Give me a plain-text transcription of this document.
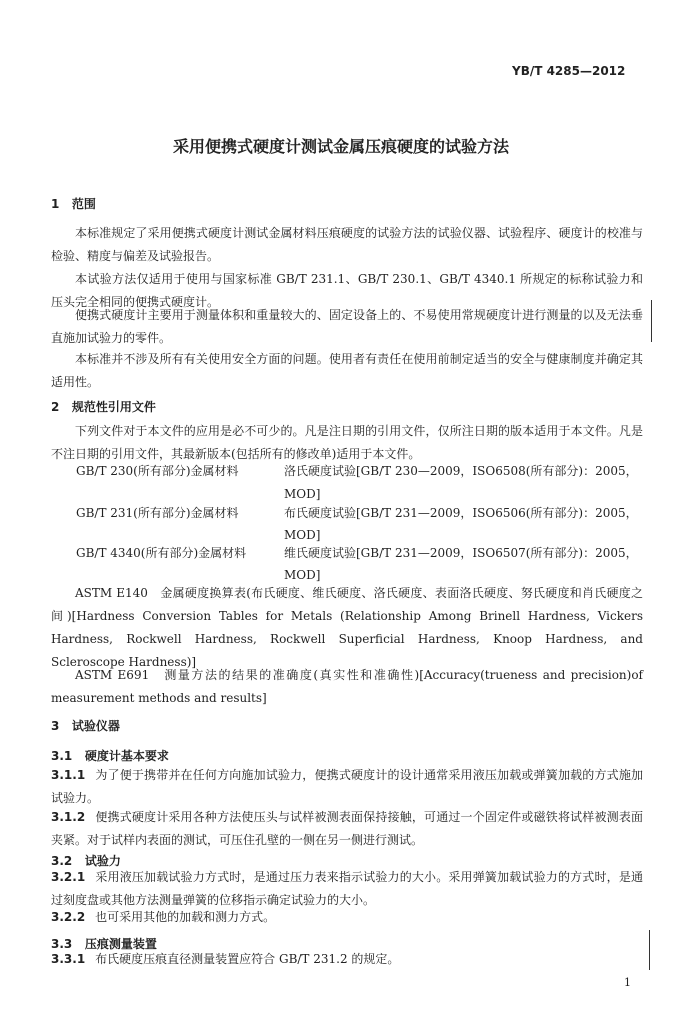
YB/T 4285—2012
采用便携式硬度计测试金属压痕硬度的试验方法
1 范围

本标准规定了采用便携式硬度计测试金属材料压痕硬度的试验方法的试验仪器、试验程序、硬度计的校准与检验、精度与偏差及试验报告。

本试验方法仅适用于使用与国家标准 GB/T 231.1、GB/T 230.1、GB/T 4340.1 所规定的标称试验力和压头完全相同的便携式硬度计。

便携式硬度计主要用于测量体积和重量较大的、固定设备上的、不易使用常规硬度计进行测量的以及无法垂直施加试验力的零件。

本标准并不涉及所有有关使用安全方面的问题。使用者有责任在使用前制定适当的安全与健康制度并确定其适用性。

2 规范性引用文件

下列文件对于本文件的应用是必不可少的。凡是注日期的引用文件，仅所注日期的版本适用于本文件。凡是不注日期的引用文件，其最新版本(包括所有的修改单)适用于本文件。

GB/T 230(所有部分)金属材料	洛氏硬度试验[GB/T 230—2009，ISO6508(所有部分)：2005，
MOD]
GB/T 231(所有部分)金属材料	布氏硬度试验[GB/T 231—2009，ISO6506(所有部分)：2005，
MOD]
GB/T 4340(所有部分)金属材料	维氏硬度试验[GB/T 231—2009，ISO6507(所有部分)：2005，
MOD]

ASTM E140　金属硬度换算表(布氏硬度、维氏硬度、洛氏硬度、表面洛氏硬度、努氏硬度和肖氏硬度之间)[Hardness Conversion Tables for Metals (Relationship Among Brinell Hardness, Vickers Hardness, Rockwell Hardness, Rockwell Superficial Hardness, Knoop Hardness, and Scleroscope Hardness)]

ASTM E691　测量方法的结果的准确度(真实性和准确性)[Accuracy(trueness and precision)of measurement methods and results]

3 试验仪器
3.1 硬度计基本要求

3.1.1 为了便于携带并在任何方向施加试验力，便携式硬度计的设计通常采用液压加载或弹簧加载的方式施加试验力。

3.1.2 便携式硬度计采用各种方法使压头与试样被测表面保持接触，可通过一个固定件或磁铁将试样被测表面夹紧。对于试样内表面的测试，可压住孔壁的一侧在另一侧进行测试。

3.2 试验力

3.2.1 采用液压加载试验力方式时，是通过压力表来指示试验力的大小。采用弹簧加载试验力的方式时，是通过刻度盘或其他方法测量弹簧的位移指示确定试验力的大小。

3.2.2 也可采用其他的加载和测力方式。

3.3 压痕测量装置

3.3.1 布氏硬度压痕直径测量装置应符合 GB/T 231.2 的规定。

1
